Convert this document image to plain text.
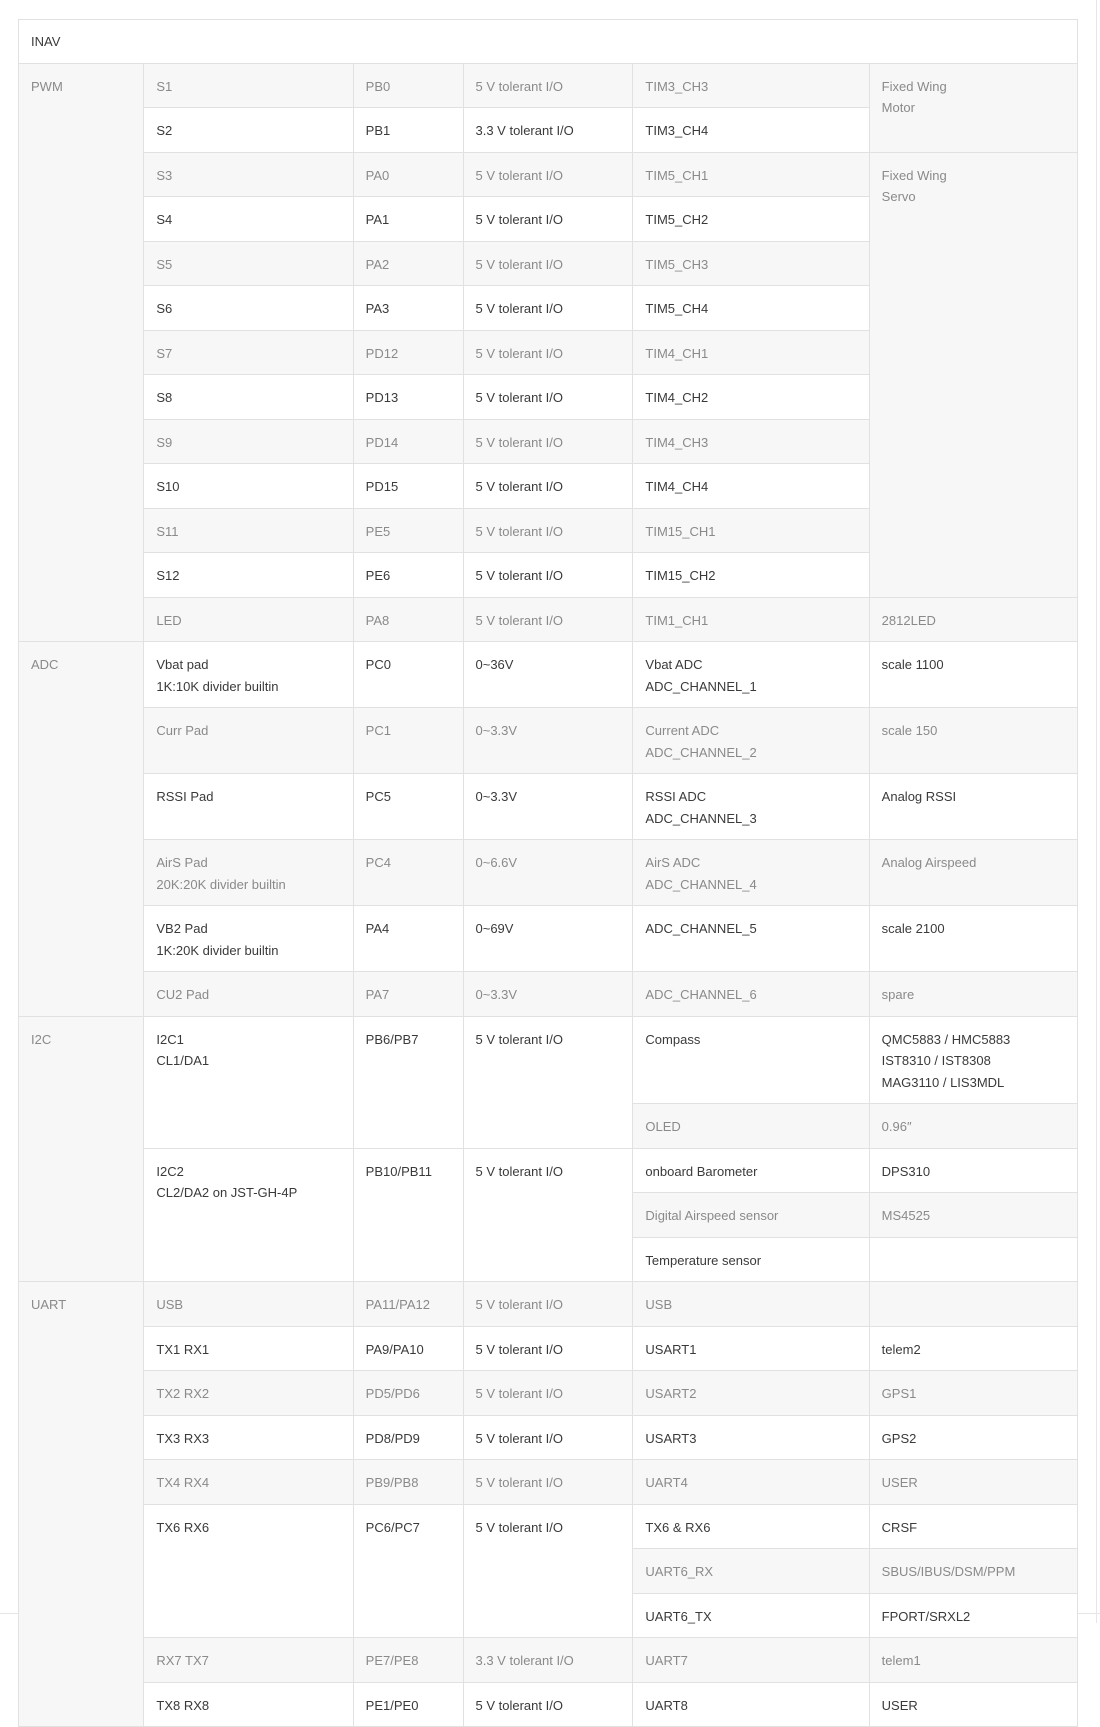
INAV					

PWM	S1	PB0	5 V tolerant I/O	TIM3_CH3	Fixed Wing
Motor

	S2	PB1	3.3 V tolerant I/O	TIM3_CH4	

	S3	PA0	5 V tolerant I/O	TIM5_CH1	Fixed Wing
Servo

	S4	PA1	5 V tolerant I/O	TIM5_CH2	

	S5	PA2	5 V tolerant I/O	TIM5_CH3	

	S6	PA3	5 V tolerant I/O	TIM5_CH4	

	S7	PD12	5 V tolerant I/O	TIM4_CH1	

	S8	PD13	5 V tolerant I/O	TIM4_CH2	

	S9	PD14	5 V tolerant I/O	TIM4_CH3	

	S10	PD15	5 V tolerant I/O	TIM4_CH4	

	S11	PE5	5 V tolerant I/O	TIM15_CH1	

	S12	PE6	5 V tolerant I/O	TIM15_CH2	

	LED	PA8	5 V tolerant I/O	TIM1_CH1	2812LED

ADC	Vbat pad
1K:10K divider builtin	PC0	0~36V	Vbat ADC
ADC_CHANNEL_1	scale 1100

	Curr Pad	PC1	0~3.3V	Current ADC
ADC_CHANNEL_2	scale 150

	RSSI Pad	PC5	0~3.3V	RSSI ADC
ADC_CHANNEL_3	Analog RSSI

	AirS Pad
20K:20K divider builtin	PC4	0~6.6V	AirS ADC
ADC_CHANNEL_4	Analog Airspeed

	VB2 Pad
1K:20K divider builtin	PA4	0~69V	ADC_CHANNEL_5	scale 2100

	CU2 Pad	PA7	0~3.3V	ADC_CHANNEL_6	spare

I2C	I2C1
CL1/DA1	PB6/PB7	5 V tolerant I/O	Compass	QMC5883 / HMC5883
IST8310 / IST8308
MAG3110 / LIS3MDL

				OLED	0.96″

	I2C2
CL2/DA2 on JST-GH-4P	PB10/PB11	5 V tolerant I/O	onboard Barometer	DPS310

				Digital Airspeed sensor	MS4525

				Temperature sensor	

UART	USB	PA11/PA12	5 V tolerant I/O	USB	

	TX1 RX1	PA9/PA10	5 V tolerant I/O	USART1	telem2

	TX2 RX2	PD5/PD6	5 V tolerant I/O	USART2	GPS1

	TX3 RX3	PD8/PD9	5 V tolerant I/O	USART3	GPS2

	TX4 RX4	PB9/PB8	5 V tolerant I/O	UART4	USER

	TX6 RX6	PC6/PC7	5 V tolerant I/O	TX6 & RX6	CRSF

				UART6_RX	SBUS/IBUS/DSM/PPM

				UART6_TX	FPORT/SRXL2

	RX7 TX7	PE7/PE8	3.3 V tolerant I/O	UART7	telem1

	TX8 RX8	PE1/PE0	5 V tolerant I/O	UART8	USER
